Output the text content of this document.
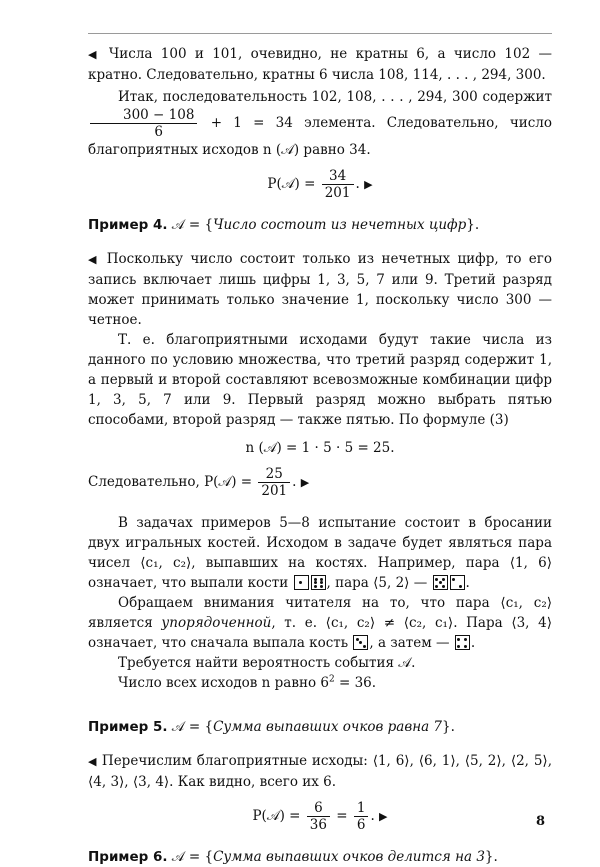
◀ Числа 100 и 101, очевидно, не кратны 6, а число 102 — кратно. Следовательно, кратны 6 числа 108, 114, . . . , 294, 300.

Итак, последовательность 102, 108, . . . , 294, 300 содержит
$\frac{300 - 108}{6} + 1 = 34$ элемента. Следовательно, число благоприятных исходов n (𝒜) равно 34.

P(𝒜) = $\frac{34}{201}$ . ▶

Пример 4. 𝒜 = {Число состоит из нечетных цифр}.

◀ Поскольку число состоит только из нечетных цифр, то его запись включает лишь цифры 1, 3, 5, 7 или 9. Третий разряд может принимать только значение 1, поскольку число 300 — четное.

Т. е. благоприятными исходами будут такие числа из данного по условию множества, что третий разряд содержит 1, а первый и второй составляют всевозможные комбинации цифр 1, 3, 5, 7 или 9. Первый разряд можно выбрать пятью способами, второй разряд — также пятью. По формуле (3)

n (𝒜) = 1 · 5 · 5 = 25.

Следовательно, P(𝒜) = $\frac{25}{201}$ . ▶

В задачах примеров 5—8 испытание состоит в бросании двух игральных костей. Исходом в задаче будет являться пара чисел ⟨c₁, c₂⟩, выпавших на костях. Например, пара ⟨1, 6⟩ означает, что выпали кости	, пара ⟨5, 2⟩ —	.

Обращаем внимания читателя на то, что пара ⟨c₁, c₂⟩ является упорядоченной, т. е. ⟨c₁, c₂⟩ ≠ ⟨c₂, c₁⟩. Пара ⟨3, 4⟩ означает, что сначала выпала кость , а затем — .

Требуется найти вероятность события 𝒜.

Число всех исходов n равно $6^2 = 36$.

Пример 5. 𝒜 = {Сумма выпавших очков равна 7}.

◀ Перечислим благоприятные исходы: ⟨1, 6⟩, ⟨6, 1⟩, ⟨5, 2⟩, ⟨2, 5⟩, ⟨4, 3⟩, ⟨3, 4⟩. Как видно, всего их 6.

P(𝒜) = $\frac{6}{36} = \frac{1}{6}$ . ▶

Пример 6. 𝒜 = {Сумма выпавших очков делится на 3}.

8
